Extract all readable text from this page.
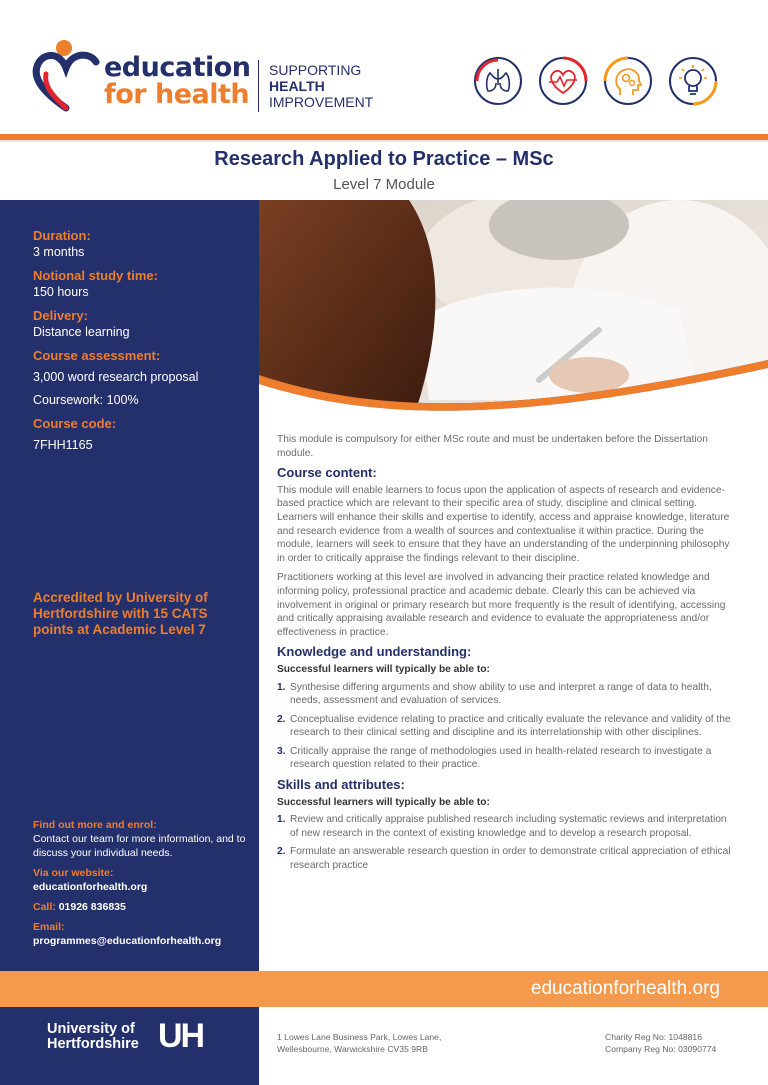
education
for health
SUPPORTING
HEALTH
IMPROVEMENT
Research Applied to Practice – MSc
Level 7 Module
Duration:
3 months
Notional study time:
150 hours
Delivery:
Distance learning
Course assessment:
3,000 word research proposal
Coursework: 100%
Course code:
7FHH1165
Accredited by University of Hertfordshire with 15 CATS points at Academic Level 7
Find out more and enrol:
Contact our team for more information, and to discuss your individual needs.
Via our website:
educationforhealth.org
Call: 01926 836835
Email:
programmes@educationforhealth.org

This module is compulsory for either MSc route and must be undertaken before the Dissertation module.

Course content:

This module will enable learners to focus upon the application of aspects of research and evidence-based practice which are relevant to their specific area of study, discipline and clinical setting. Learners will enhance their skills and expertise to identify, access and appraise knowledge, literature and research evidence from a wealth of sources and contextualise it within practice. During the module, learners will seek to ensure that they have an understanding of the underpinning philosophy in order to critically appraise the findings relevant to their discipline.

Practitioners working at this level are involved in advancing their practice related knowledge and informing policy, professional practice and academic debate. Clearly this can be achieved via involvement in original or primary research but more frequently is the result of identifying, accessing and critically appraising available research and evidence to evaluate the appropriateness and/or effectiveness in practice.

Knowledge and understanding:
Successful learners will typically be able to:
1. Synthesise differing arguments and show ability to use and interpret a range of data to health, needs, assessment and evaluation of services.
2. Conceptualise evidence relating to practice and critically evaluate the relevance and validity of the research to their clinical setting and discipline and its interrelationship with other disciplines.
3. Critically appraise the range of methodologies used in health-related research to investigate a research question related to their practice.
Skills and attributes:
Successful learners will typically be able to:
1. Review and critically appraise published research including systematic reviews and interpretation of new research in the context of existing knowledge and to develop a research proposal.
2. Formulate an answerable research question in order to demonstrate critical appreciation of ethical research practice
educationforhealth.org
University of
Hertfordshire UH	1 Lowes Lane Business Park, Lowes Lane,
Wellesbourne, Warwickshire CV35 9RB
Charity Reg No: 1048816
Company Reg No: 03090774
